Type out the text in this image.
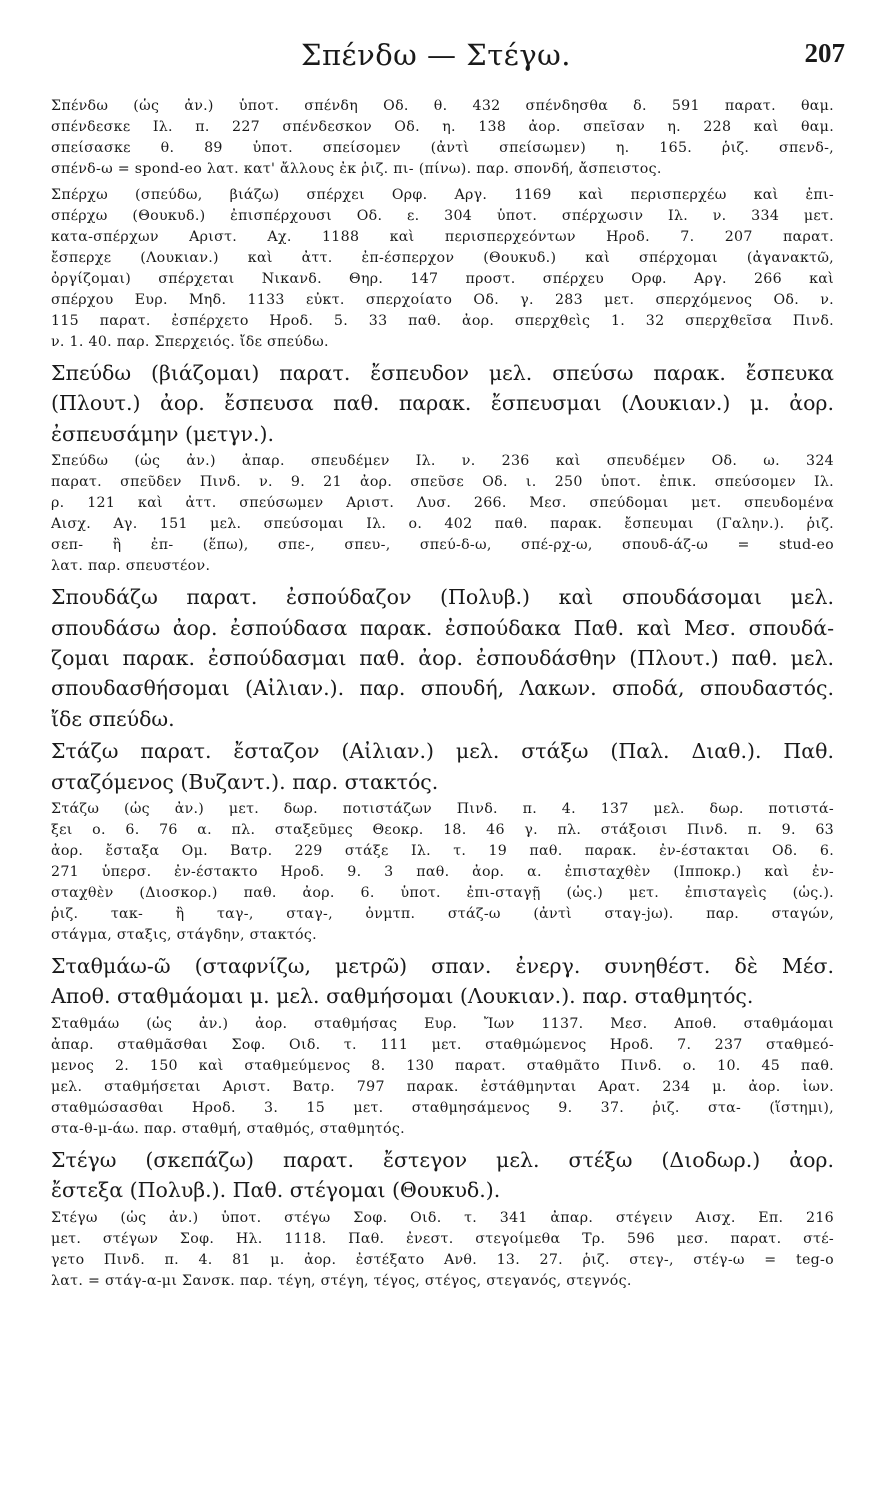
Σπένδω — Στέγω.	207
Σπένδω (ὡς ἀν.) ὑποτ. σπένδη Οδ. θ. 432 σπένδησθα δ. 591 παρατ. θαμ.
σπένδεσκε Ιλ. π. 227 σπένδεσκον Οδ. η. 138 ἀορ. σπεῖσαν η. 228 καὶ θαμ.
σπείσασκε θ. 89 ὑποτ. σπείσομεν (ἀντὶ σπείσωμεν) η. 165. ῥιζ. σπενδ-,
σπένδ-ω = spond-eo λατ. κατ' ἄλλους ἐκ ῥιζ. πι- (πίνω). παρ. σπονδή, ἄσπειστος.
Σπέρχω (σπεύδω, βιάζω) σπέρχει Ορφ. Αργ. 1169 καὶ περισπερχέω καὶ ἐπι-
σπέρχω (Θουκυδ.) ἐπισπέρχουσι Οδ. ε. 304 ὑποτ. σπέρχωσιν Ιλ. ν. 334 μετ.
κατα-σπέρχων Αριστ. Αχ. 1188 καὶ περισπερχεόντων Ηροδ. 7. 207 παρατ.
ἔσπερχε (Λουκιαν.) καὶ ἀττ. ἐπ-έσπερχον (Θουκυδ.) καὶ σπέρχομαι (ἀγανακτῶ,
ὀργίζομαι) σπέρχεται Νικανδ. Θηρ. 147 προστ. σπέρχευ Ορφ. Αργ. 266 καὶ
σπέρχου Ευρ. Μηδ. 1133 εὐκτ. σπερχοίατο Οδ. γ. 283 μετ. σπερχόμενος Οδ. ν.
115 παρατ. ἐσπέρχετο Ηροδ. 5. 33 παθ. ἀορ. σπερχθεὶς 1. 32 σπερχθεῖσα Πινδ.
ν. 1. 40. παρ. Σπερχειός. ἴδε σπεύδω.
Σπεύδω (βιάζομαι) παρατ. ἔσπευδον μελ. σπεύσω παρακ. ἔσπευκα
(Πλουτ.) ἀορ. ἔσπευσα παθ. παρακ. ἔσπευσμαι (Λουκιαν.) μ. ἀορ.
ἐσπευσάμην (μετγν.).
Σπεύδω (ὡς ἀν.) ἀπαρ. σπευδέμεν Ιλ. ν. 236 καὶ σπευδέμεν Οδ. ω. 324
παρατ. σπεῦδεν Πινδ. ν. 9. 21 ἀορ. σπεῦσε Οδ. ι. 250 ὑποτ. ἐπικ. σπεύσομεν Ιλ.
ρ. 121 καὶ ἀττ. σπεύσωμεν Αριστ. Λυσ. 266. Μεσ. σπεύδομαι μετ. σπευδομένα
Αισχ. Αγ. 151 μελ. σπεύσομαι Ιλ. ο. 402 παθ. παρακ. ἔσπευμαι (Γαλην.). ῥιζ.
σεπ- ἢ ἐπ- (ἕπω), σπε-, σπευ-, σπεύ-δ-ω, σπέ-ρχ-ω, σπουδ-άζ-ω = stud-eo
λατ. παρ. σπευστέον.
Σπουδάζω παρατ. ἐσπούδαζον (Πολυβ.) καὶ σπουδάσομαι μελ.
σπουδάσω ἀορ. ἐσπούδασα παρακ. ἐσπούδακα Παθ. καὶ Μεσ. σπουδά-
ζομαι παρακ. ἐσπούδασμαι παθ. ἀορ. ἐσπουδάσθην (Πλουτ.) παθ. μελ.
σπουδασθήσομαι (Αἰλιαν.). παρ. σπουδή, Λακων. σποδά, σπουδαστός.
ἴδε σπεύδω.
Στάζω παρατ. ἔσταζον (Αἰλιαν.) μελ. στάξω (Παλ. Διαθ.). Παθ.
σταζόμενος (Βυζαντ.). παρ. στακτός.
Στάζω (ὡς ἀν.) μετ. δωρ. ποτιστάζων Πινδ. π. 4. 137 μελ. δωρ. ποτιστά-
ξει ο. 6. 76 α. πλ. σταξεῦμες Θεοκρ. 18. 46 γ. πλ. στάξοισι Πινδ. π. 9. 63
ἀορ. ἔσταξα Ομ. Βατρ. 229 στάξε Ιλ. τ. 19 παθ. παρακ. ἐν-έστακται Οδ. 6.
271 ὑπερσ. ἐν-έστακτο Ηροδ. 9. 3 παθ. ἀορ. α. ἐπισταχθὲν (Ιπποκρ.) καὶ ἐν-
σταχθὲν (Διοσκορ.) παθ. ἀορ. 6. ὑποτ. ἐπι-σταγῇ (ὡς.) μετ. ἐπισταγεὶς (ὡς.).
ῥιζ. τακ- ἢ ταγ-, σταγ-, ὀνμτπ. στάζ-ω (ἀντὶ σταγ-jω). παρ. σταγών,
στάγμα, σταξις, στάγδην, στακτός.
Σταθμάω-ῶ (σταφνίζω, μετρῶ) σπαν. ἐνεργ. συνηθέστ. δὲ Μέσ.
Αποθ. σταθμάομαι μ. μελ. σαθμήσομαι (Λουκιαν.). παρ. σταθμητός.
Σταθμάω (ὡς ἀν.) ἀορ. σταθμήσας Ευρ. Ἴων 1137. Μεσ. Αποθ. σταθμάομαι
ἀπαρ. σταθμᾶσθαι Σοφ. Οιδ. τ. 111 μετ. σταθμώμενος Ηροδ. 7. 237 σταθμεό-
μενος 2. 150 καὶ σταθμεύμενος 8. 130 παρατ. σταθμᾶτο Πινδ. ο. 10. 45 παθ.
μελ. σταθμήσεται Αριστ. Βατρ. 797 παρακ. ἐστάθμηνται Αρατ. 234 μ. ἀορ. ἰων.
σταθμώσασθαι Ηροδ. 3. 15 μετ. σταθμησάμενος 9. 37. ῥιζ. στα- (ἵστημι),
στα-θ-μ-άω. παρ. σταθμή, σταθμός, σταθμητός.
Στέγω (σκεπάζω) παρατ. ἔστεγον μελ. στέξω (Διοδωρ.) ἀορ.
ἔστεξα (Πολυβ.). Παθ. στέγομαι (Θουκυδ.).
Στέγω (ὡς ἀν.) ὑποτ. στέγω Σοφ. Οιδ. τ. 341 ἀπαρ. στέγειν Αισχ. Επ. 216
μετ. στέγων Σοφ. Ηλ. 1118. Παθ. ἐνεστ. στεγοίμεθα Τρ. 596 μεσ. παρατ. στέ-
γετο Πινδ. π. 4. 81 μ. ἀορ. ἐστέξατο Ανθ. 13. 27. ῥιζ. στεγ-, στέγ-ω = teg-o
λατ. = στάγ-α-μι Σανσκ. παρ. τέγη, στέγη, τέγος, στέγος, στεγανός, στεγνός.
